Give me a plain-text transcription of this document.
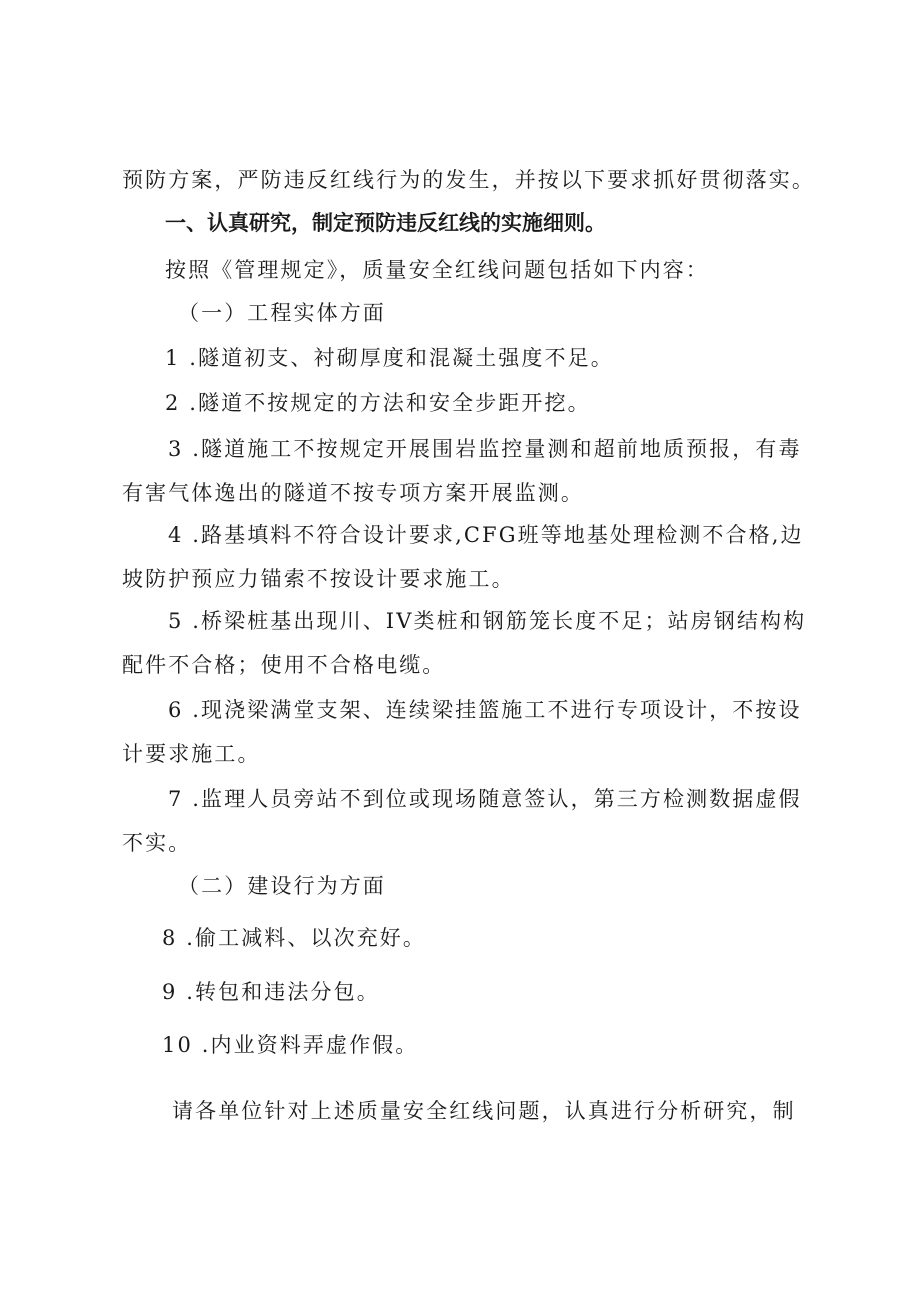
预防方案，严防违反红线行为的发生，并按以下要求抓好贯彻落实。
一、认真研究，制定预防违反红线的实施细则。
按照《管理规定》，质量安全红线问题包括如下内容：
（一）工程实体方面
1 .隧道初支、衬砌厚度和混凝土强度不足。
2 .隧道不按规定的方法和安全步距开挖。
3 .隧道施工不按规定开展围岩监控量测和超前地质预报，有毒
有害气体逸出的隧道不按专项方案开展监测。
4 .路基填料不符合设计要求,CFG班等地基处理检测不合格,边
坡防护预应力锚索不按设计要求施工。
5 .桥梁桩基出现川、IV类桩和钢筋笼长度不足；站房钢结构构
配件不合格；使用不合格电缆。
6 .现浇梁满堂支架、连续梁挂篮施工不进行专项设计，不按设
计要求施工。
7 .监理人员旁站不到位或现场随意签认，第三方检测数据虚假
不实。
（二）建设行为方面
8 .偷工减料、以次充好。
9 .转包和违法分包。
10 .内业资料弄虚作假。
请各单位针对上述质量安全红线问题，认真进行分析研究，制
